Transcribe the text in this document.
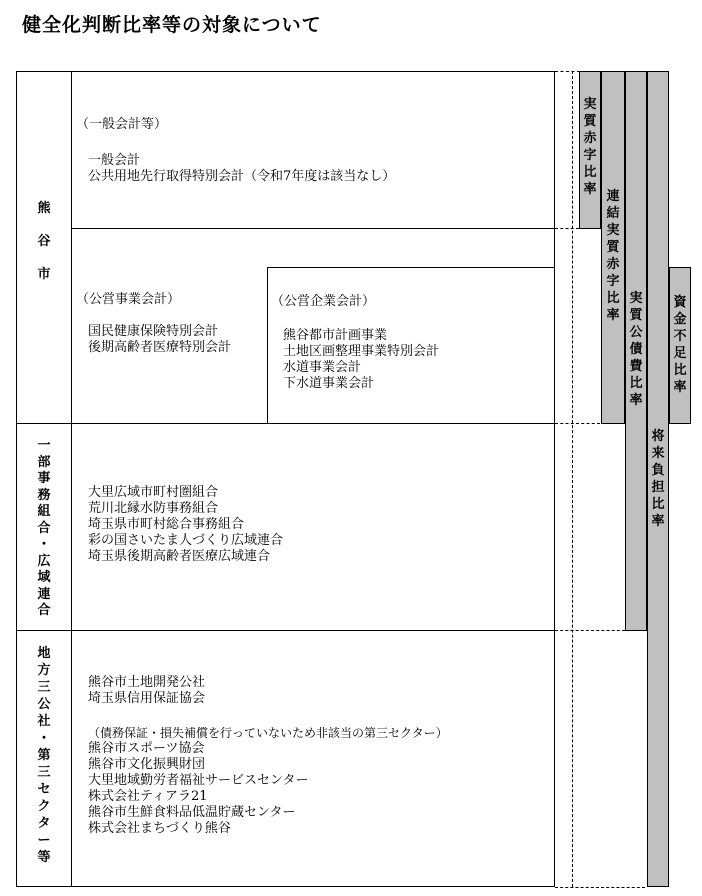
健全化判断比率等の対象について
熊
谷
市
一
部
事
務
組
合
・
広
域
連
合
地
方
三
公
社
・
第
三
セ
ク
タ
ー
等
（一般会計等）
一般会計
公共用地先行取得特別会計（令和7年度は該当なし）
（公営事業会計）
国民健康保険特別会計
後期高齢者医療特別会計
（公営企業会計）
熊谷都市計画事業
土地区画整理事業特別会計
水道事業会計
下水道事業会計
大里広域市町村圏組合
荒川北縁水防事務組合
埼玉県市町村総合事務組合
彩の国さいたま人づくり広域連合
埼玉県後期高齢者医療広域連合
熊谷市土地開発公社
埼玉県信用保証協会
（債務保証・損失補償を行っていないため非該当の第三セクター）
熊谷市スポーツ協会
熊谷市文化振興財団
大里地域勤労者福祉サービスセンター
株式会社ティアラ21
熊谷市生鮮食料品低温貯蔵センター
株式会社まちづくり熊谷
実
質
赤
字
比
率 連
結
実
質
赤
字
比
率
実
質
公
債
費
比
率
将
来
負
担
比
率
資
金
不
足
比
率
